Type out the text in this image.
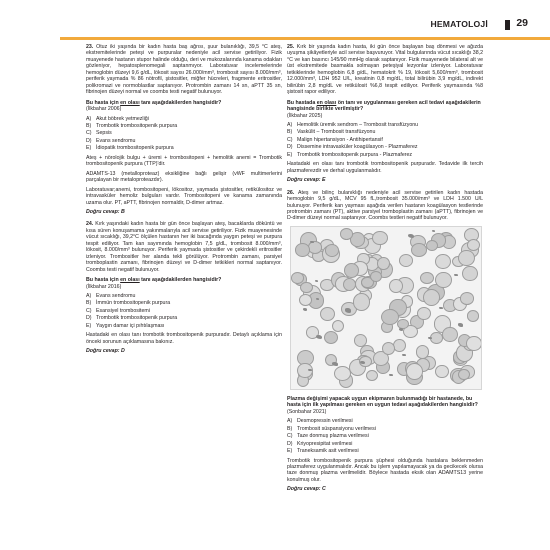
HEMATOLOJİ	29

23. Otuz iki yaşında bir kadın hasta baş ağrısı, şuur bulanıklığı, 39,5 °C ateş, ekstremitelerinde peteşi ve purpuralar nedeniyle acil servise getiriliyor. Fizik muayenede hastanın stupor halinde olduğu, deri ve mukozalarında kanama odakları gözleniyor, hepatosplenomegali saptanmıyor. Laboratuvar incelemelerinde hemoglobin düzeyi 9,6 g/dL, lökosit sayısı 26.000/mm³, trombosit sayısı 8.000/mm³, periferik yaymada % 86 nötrofil, şistositler, miğfer hücreleri, fragmente eritrositler, polikromazi ve normoblastlar saptanıyor. Protrombin zamanı 14 sn, aPTT 35 sn, fibrinojen düzeyi normal ve coombs testi negatif bulunuyor.

Bu hasta için en olası tanı aşağıdakilerden hangisidir?

(İlkbahar 2006)

A) Akut böbrek yetmezliği
B) Trombotik trombositopenik purpura
C) Sepsis
D) Evans sendromu
E) İdiopatik trombositopenik purpura

Ateş + nörolojik bulgu + üremi + trombositopeni + hemolitik anemi = Trombotik trombositopenik purpura (TTP)'dir.

ADAMTS-13 (metalloproteaz) eksikliğine bağlı gelişir (vWF multimerlerini parçalayan bir metaloproteazdır).

Laboratuvar;anemi, trombositopeni, lökositoz, yaymada şistositler, retikülositoz ve intravasküler hemoliz bulguları vardır. Trombositopeni ve kanama zamanında uzama olur. PT, aPTT, fibrinojen normaldir, D-dimer artmaz.

Doğru cevap: B

24. Kırk yaşındaki kadın hasta bir gün önce başlayan ateş, bacaklarda döküntü ve kısa süren konuşamama yakınmalarıyla acil servise getiriliyor. Fizik muayenesinde vücut sıcaklığı, 39,2°C ölçülen hastanın her iki bacağında yaygın peteşi ve purpura tespit ediliyor. Tam kan sayımında hemoglobin 7,5 g/dL, trombosit 8.000/mm³, lökosit, 8.000/mm³ bulunuyor. Periferik yaymada şistositler ve çekirdekli eritrositler izleniyor. Trombositler her alanda tekli görülüyor. Protrombin zamanı, parsiyel tromboplastin zamanı, fibrinojen düzeyi ve D-dimer tetkikleri normal saptanıyor. Coombs testi negatif bulunuyor.

Bu hasta için en olası tanı aşağıdakilerden hangisidir?

(İlkbahar 2016)

A) Evans sendromu
B) İmmün trombositopenik purpura
C) Esansiyel trombositemi
D) Trombotik trombositopenik purpura
E) Yaygın damar içi pıhtılaşması

Hastadaki en olası tanı trombotik trombositopenik purpuradır. Detaylı açıklama için önceki sorunun açıklamasına bakınız.

Doğru cevap: D

25. Kırk bir yaşında kadın hasta, iki gün önce başlayan baş dönmesi ve ağızda uyuşma şikâyetleriyle acil servise başvuruyor. Vital bulgularında vücut sıcaklığı 38,2 °C ve kan basıncı 145/90 mmHg olarak saptanıyor. Fizik muayenede bilateral alt ve üst ekstremitede basmakla solmayan peteşiyal lezyonlar izleniyor. Laboratuvar tetkiklerinde hemoglobin 6,8 g/dL, hematokrit % 19, lökosit 5,600/mm³, trombosit 12.000/mm³, LDH 952 U/L, kreatinin 0,8 mg/dL, total bilirübin 3,9 mg/dL, indirekt bilirübin 2,8 mg/dL ve retikülosit %6,8 tespit ediliyor. Periferik yaymasında %8 şistosit rapor ediliyor.

Bu hastada en olası ön tanı ve uygulanması gereken acil tedavi aşağıdakilerin hangisinde birlikte verilmiştir?

(İlkbahar 2025)

A) Hemolitik üremik sendrom – Trombosit transfüzyonu
B) Vaskülit – Trombosit transfüzyonu
C) Malign hipertansiyon - Antihipertansif
D) Dissemine intravasküler koagülasyon - Plazmaferez
E) Trombotik trombositopenik purpura - Plazmaferez

Hastadaki en olası tanı trombotik trombositopenik purpuradır. Tedavide ilk tercih plazmaferezdir ve derhal uygulanmalıdır.

Doğru cevap: E

26. Ateş ve bilinç bulanıklığı nedeniyle acil servise getirilen kadın hastada hemoglobin 9,5 g/dL, MCV 95 fL,trombosit 35.000/mm³ ve LDH 1.500 U/L bulunuyor. Periferik kan yayması aşağıda verilen hastanın koagülasyon testlerinde protrombin zamanı (PT), aktive parsiyel tromboplastin zamanı (aPTT), fibrinojen ve D-dimer düzeyi normal saptanıyor. Coombs testleri negatif bulunuyor.

Plazma değişimi yapacak uygun ekipmanın bulunmadığı bir hastanede, bu hasta için ilk yapılması gereken en uygun tedavi aşağıdakilerden hangisidir?

(Sonbahar 2021)

A) Desmopressin verilmesi
B) Trombosit süspansiyonu verilmesi
C) Taze donmuş plazma verilmesi
D) Kriyopresipitat verilmesi
E) Traneksamik asit verilmesi

Trombotik trombositopenik purpura şüphesi olduğunda hastalara beklenmeden plazmaferez uygulanmalıdır. Ancak bu işlem yapılamayacak ya da gecikecek olursa taze donmuş plazma verilmelidir. Böylece hastada eksik olan ADAMTS13 yerine konulmuş olur.

Doğru cevap: C
